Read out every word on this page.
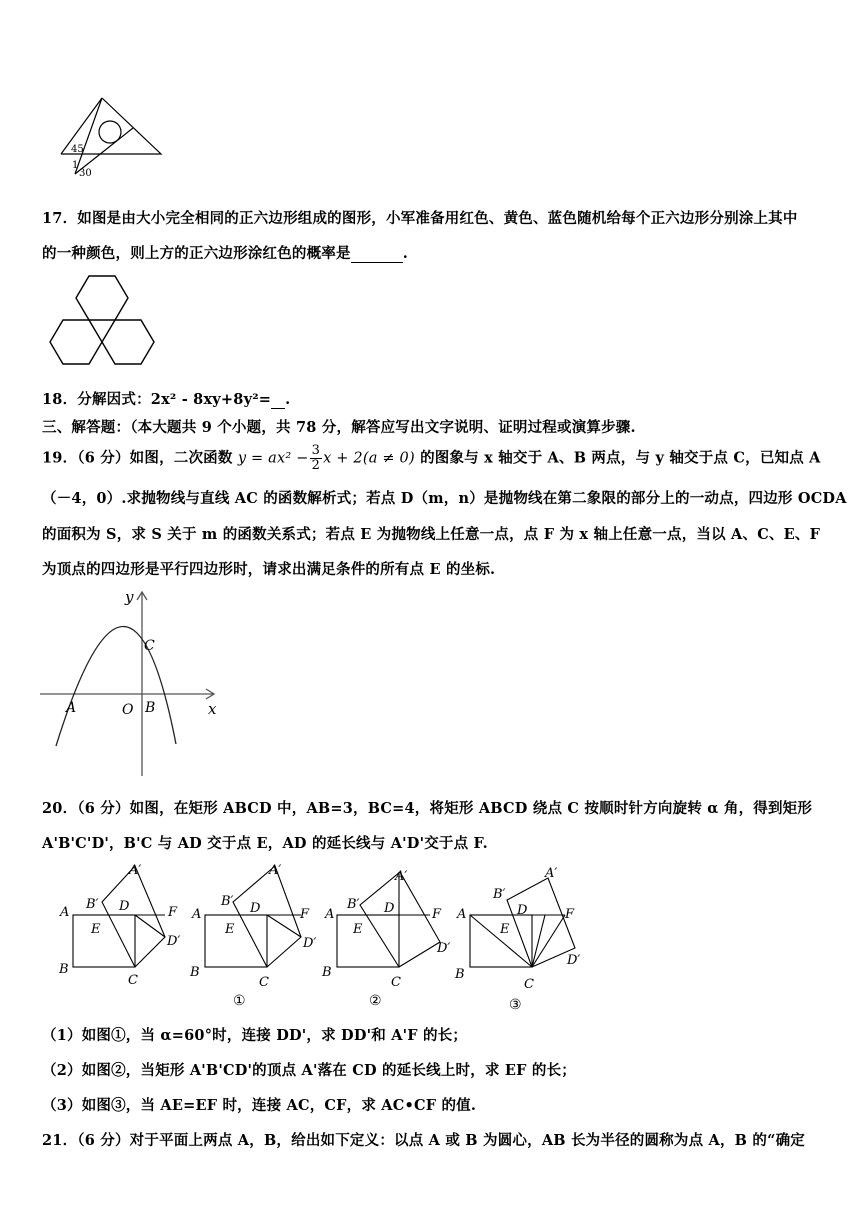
45
1
30
17．如图是由大小完全相同的正六边形组成的图形，小军准备用红色、黄色、蓝色随机给每个正六边形分别涂上其中
的一种颜色，则上方的正六边形涂红色的概率是	.
18．分解因式：2x² - 8xy+8y²= .
三、解答题：（本大题共 9 个小题，共 78 分，解答应写出文字说明、证明过程或演算步骤.
19．（6 分）如图，二次函数 $y = ax^2 - \frac{3}{2}$ x + 2(a ≠ 0) 的图象与 x 轴交于 A、B 两点，与 y 轴交于点 C，已知点 A
（－4，0）.求抛物线与直线 AC 的函数解析式；若点 D（m，n）是抛物线在第二象限的部分上的一动点，四边形 OCDA
的面积为 S，求 S 关于 m 的函数关系式；若点 E 为抛物线上任意一点，点 F 为 x 轴上任意一点，当以 A、C、E、F
为顶点的四边形是平行四边形时，请求出满足条件的所有点 E 的坐标.
y
x
C
A	O B
20．（6 分）如图，在矩形 ABCD 中，AB=3，BC=4，将矩形 ABCD 绕点 C 按顺时针方向旋转 α 角，得到矩形
A'B'C'D'，B'C 与 AD 交于点 E，AD 的延长线与 A'D'交于点 F.
A
B
C
D
E
F
A′
B′
D′
A
B
C
D
E
F
A′
B′
D′
A
B
C
D
E
F
A′
B′
D′
A
B
C
D
E
F
A′
B′
D′
①	②	③
（1）如图①，当 α=60°时，连接 DD'，求 DD'和 A'F 的长；
（2）如图②，当矩形 A'B'CD'的顶点 A'落在 CD 的延长线上时，求 EF 的长；
（3）如图③，当 AE=EF 时，连接 AC，CF，求 AC•CF 的值.
21．（6 分）对于平面上两点 A，B，给出如下定义：以点 A 或 B 为圆心，AB 长为半径的圆称为点 A，B 的“确定
